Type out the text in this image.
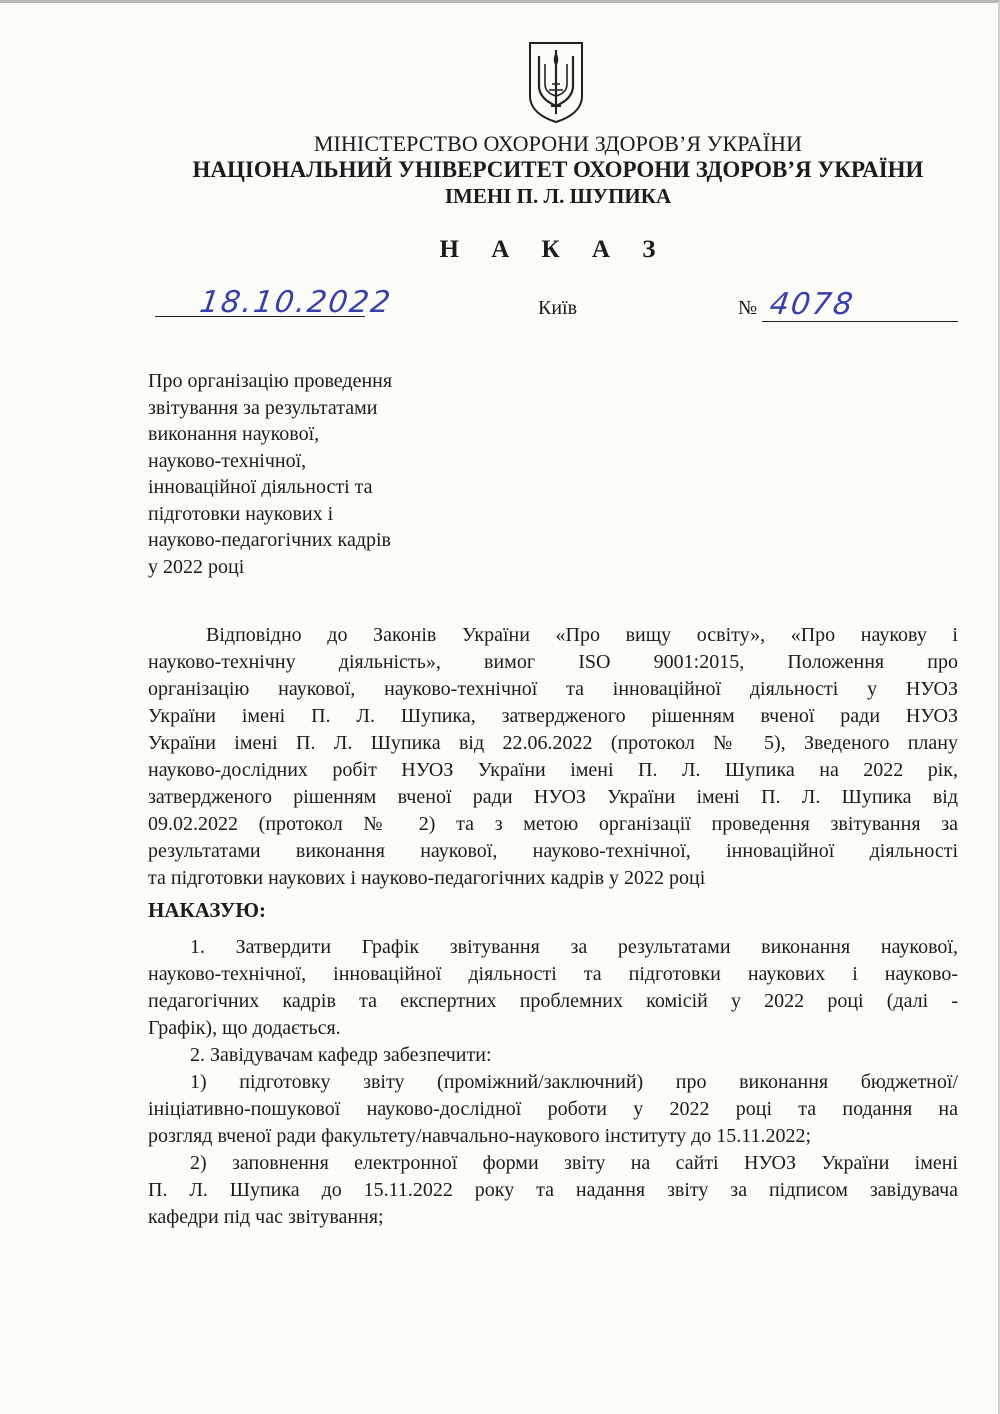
МІНІСТЕРСТВО ОХОРОНИ ЗДОРОВ’Я УКРАЇНИ
НАЦІОНАЛЬНИЙ УНІВЕРСИТЕТ ОХОРОНИ ЗДОРОВ’Я УКРАЇНИ
ІМЕНІ П. Л. ШУПИКА
Н А К А З
18.10.2022	Київ	№ 4078
Про організацію проведення
звітування за результатами
виконання наукової,
науково-технічної,
інноваційної діяльності та
підготовки наукових і
науково-педагогічних кадрів
у 2022 році
Відповідно до Законів України «Про вищу освіту», «Про наукову і
науково-технічну діяльність», вимог ISO 9001:2015, Положення про
організацію наукової, науково-технічної та інноваційної діяльності у НУОЗ
України імені П. Л. Шупика, затвердженого рішенням вченої ради НУОЗ
України імені П. Л. Шупика від 22.06.2022 (протокол № 5), Зведеного плану
науково-дослідних робіт НУОЗ України імені П. Л. Шупика на 2022 рік,
затвердженого рішенням вченої ради НУОЗ України імені П. Л. Шупика від
09.02.2022 (протокол № 2) та з метою організації проведення звітування за
результатами виконання наукової, науково-технічної, інноваційної діяльності
та підготовки наукових і науково-педагогічних кадрів у 2022 році
НАКАЗУЮ:
1. Затвердити Графік звітування за результатами виконання наукової,
науково-технічної, інноваційної діяльності та підготовки наукових і науково-
педагогічних кадрів та експертних проблемних комісій у 2022 році (далі -
Графік), що додається.
2. Завідувачам кафедр забезпечити:
1) підготовку звіту (проміжний/заключний) про виконання бюджетної/
ініціативно-пошукової науково-дослідної роботи у 2022 році та подання на
розгляд вченої ради факультету/навчально-наукового інституту до 15.11.2022;
2) заповнення електронної форми звіту на сайті НУОЗ України імені
П. Л. Шупика до 15.11.2022 року та надання звіту за підписом завідувача
кафедри під час звітування;
